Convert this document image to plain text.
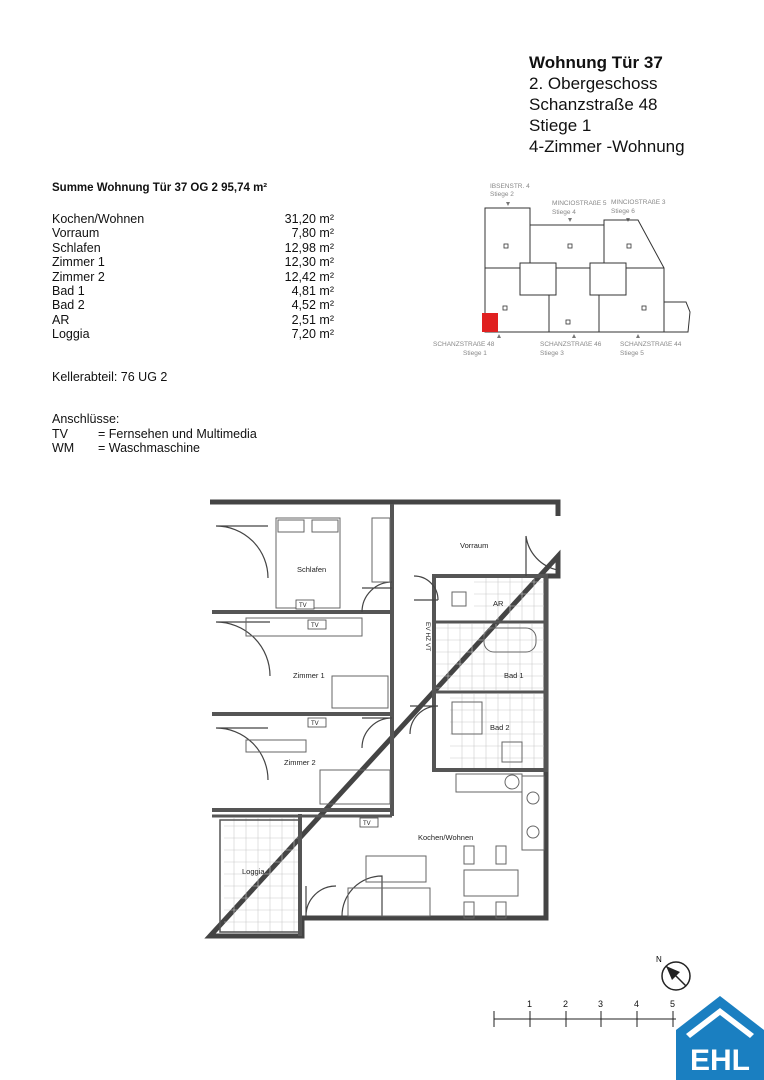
Wohnung Tür 37
2. Obergeschoss
Schanzstraße 48
Stiege 1
4-Zimmer -Wohnung
Summe Wohnung Tür 37 OG 2 95,74 m²
Kochen/Wohnen	31,20 m²
Vorraum	7,80 m²
Schlafen	12,98 m²
Zimmer 1	12,30 m²
Zimmer 2	12,42 m²
Bad 1	4,81 m²
Bad 2	4,52 m²
AR	2,51 m²
Loggia	7,20 m²
Kellerabteil: 76 UG 2
Anschlüsse:
TV = Fernsehen und Multimedia
WM = Waschmaschine
IBSENSTR. 4
Stiege 2
MINCIOSTRAßE 5
Stiege 4
MINCIOSTRAßE 3
Stiege 6
SCHANZSTRAßE 48
Stiege 1
SCHANZSTRAßE 46
Stiege 3
SCHANZSTRAßE 44
Stiege 5
TV
TV
TV
TV
EV HZ VT
Schlafen
Vorraum
AR
Zimmer 1	Bad 1
Bad 2
Zimmer 2
Kochen/Wohnen
Loggia
N
1	2	3	4	5
EHL
